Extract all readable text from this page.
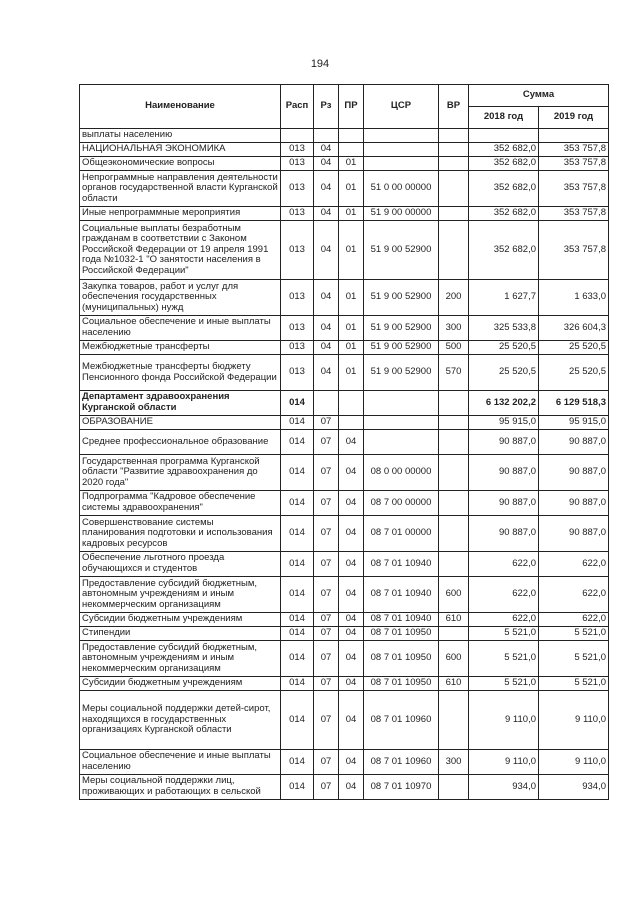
194
Наименование	Расп	Рз	ПР	ЦСР	ВР	Сумма	
						2018 год	2019 год
выплаты населению							
НАЦИОНАЛЬНАЯ ЭКОНОМИКА	013	04				352 682,0	353 757,8
Общеэкономические вопросы	013	04	01			352 682,0	353 757,8
Непрограммные направления деятельности органов государственной власти Курганской области	013	04	01	51 0 00 00000		352 682,0	353 757,8
Иные непрограммные мероприятия	013	04	01	51 9 00 00000		352 682,0	353 757,8
Социальные выплаты безработным гражданам в соответствии с Законом Российской Федерации от 19 апреля 1991 года №1032-1 "О занятости населения в Российской Федерации"	013	04	01	51 9 00 52900		352 682,0	353 757,8
Закупка товаров, работ и услуг для обеспечения государственных (муниципальных) нужд	013	04	01	51 9 00 52900	200	1 627,7	1 633,0
Социальное обеспечение и иные выплаты населению	013	04	01	51 9 00 52900	300	325 533,8	326 604,3
Межбюджетные трансферты	013	04	01	51 9 00 52900	500	25 520,5	25 520,5
Межбюджетные трансферты бюджету Пенсионного фонда Российской Федерации	013	04	01	51 9 00 52900	570	25 520,5	25 520,5
Департамент здравоохранения Курганской области	014					6 132 202,2	6 129 518,3
ОБРАЗОВАНИЕ	014	07				95 915,0	95 915,0
Среднее профессиональное образование	014	07	04			90 887,0	90 887,0
Государственная программа Курганской области "Развитие здравоохранения до 2020 года"	014	07	04	08 0 00 00000		90 887,0	90 887,0
Подпрограмма "Кадровое обеспечение системы здравоохранения"	014	07	04	08 7 00 00000		90 887,0	90 887,0
Совершенствование системы планирования подготовки и использования кадровых ресурсов	014	07	04	08 7 01 00000		90 887,0	90 887,0
Обеспечение льготного проезда обучающихся и студентов	014	07	04	08 7 01 10940		622,0	622,0
Предоставление субсидий бюджетным, автономным учреждениям и иным некоммерческим организациям	014	07	04	08 7 01 10940	600	622,0	622,0
Субсидии бюджетным учреждениям	014	07	04	08 7 01 10940	610	622,0	622,0
Стипендии	014	07	04	08 7 01 10950		5 521,0	5 521,0
Предоставление субсидий бюджетным, автономным учреждениям и иным некоммерческим организациям	014	07	04	08 7 01 10950	600	5 521,0	5 521,0
Субсидии бюджетным учреждениям	014	07	04	08 7 01 10950	610	5 521,0	5 521,0
Меры социальной поддержки детей-сирот, находящихся в государственных организациях Курганской области	014	07	04	08 7 01 10960		9 110,0	9 110,0
Социальное обеспечение и иные выплаты населению	014	07	04	08 7 01 10960	300	9 110,0	9 110,0
Меры социальной поддержки лиц, проживающих и работающих в сельской	014	07	04	08 7 01 10970		934,0	934,0
